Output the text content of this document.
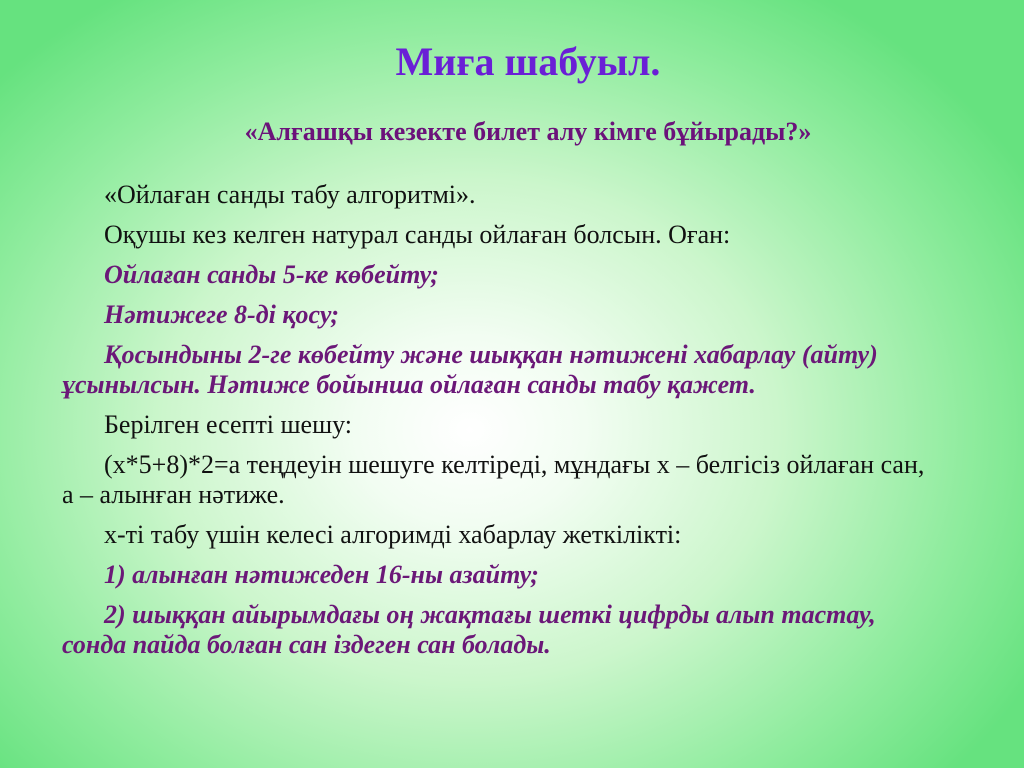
Миға шабуыл.
«Алғашқы кезекте билет алу кімге бұйырады?»

«Ойлаған санды табу алгоритмі».

Оқушы кез келген натурал санды ойлаған болсын. Оған:

Ойлаған санды 5-ке көбейту;

Нәтижеге 8-ді қосу;

Қосындыны 2-ге көбейту және шыққан нәтижені хабарлау (айту) ұсынылсын. Нәтиже бойынша ойлаған санды табу қажет.

Берілген есепті шешу:

(х*5+8)*2=а теңдеуін шешуге келтіреді, мұндағы х – белгісіз ойлаған сан, а – алынған нәтиже.

х-ті табу үшін келесі алгоримді хабарлау жеткілікті:

1) алынған нәтижеден 16-ны азайту;

2) шыққан айырымдағы оң жақтағы шеткі цифрды алып тастау, сонда пайда болған сан іздеген сан болады.
